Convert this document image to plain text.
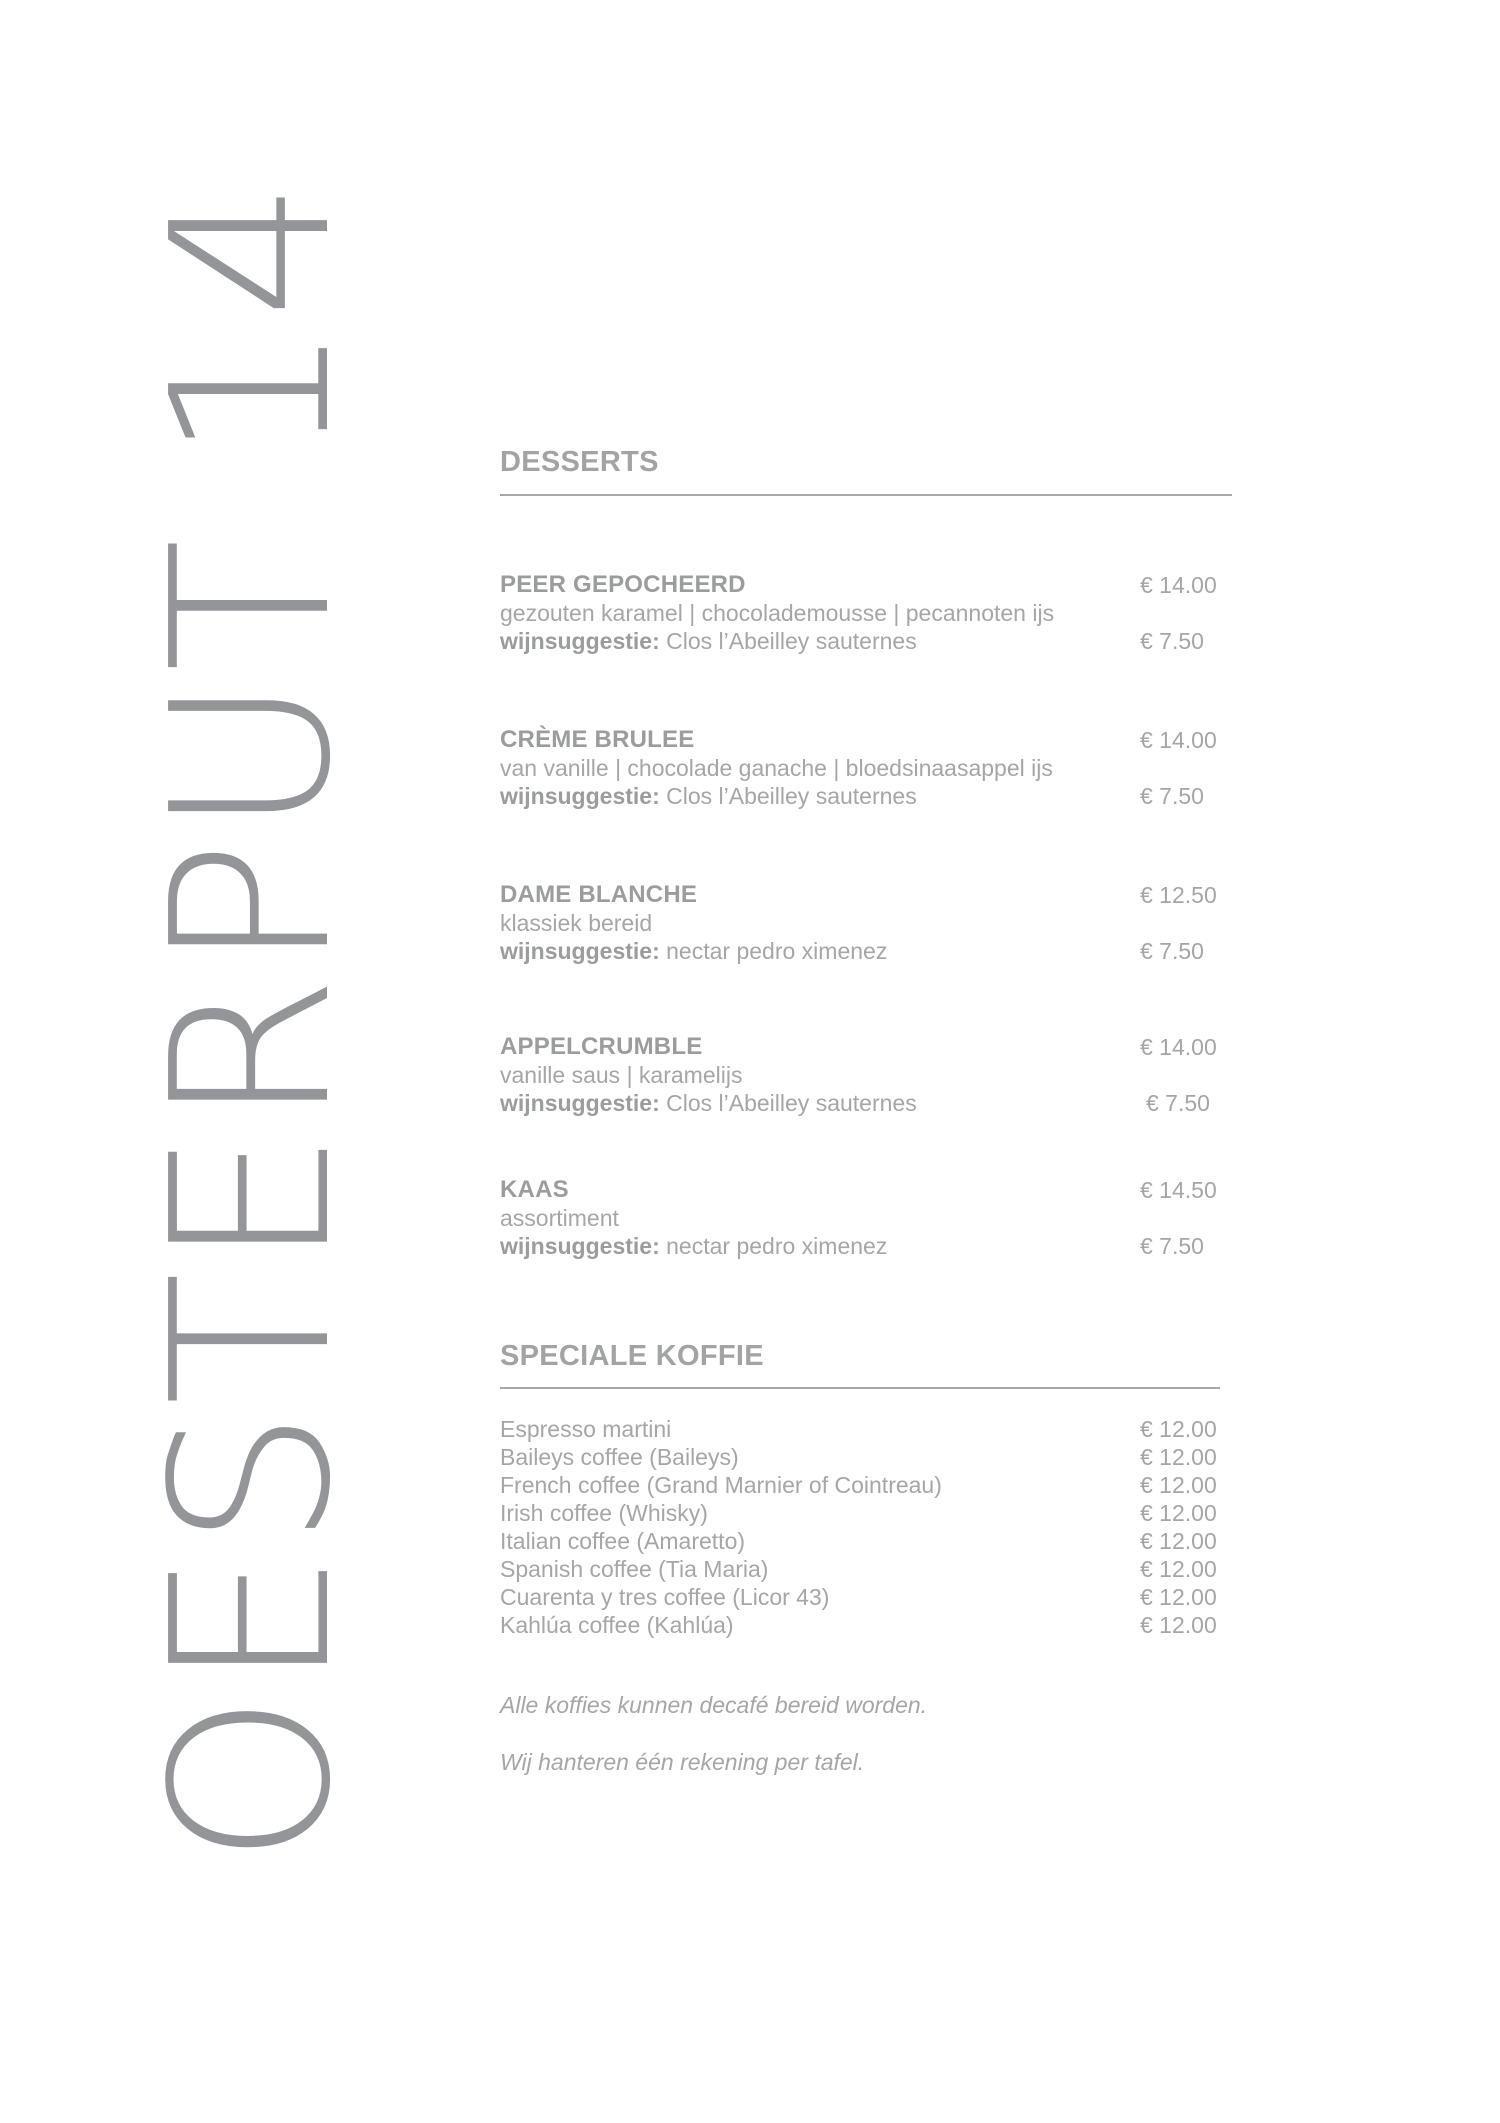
OESTERPUT 14	DESSERTS
PEER GEPOCHEERD	€ 14.00
gezouten karamel | chocolademousse | pecannoten ijs
wijnsuggestie: Clos l’Abeilley sauternes	€ 7.50
CRÈME BRULEE	€ 14.00
van vanille | chocolade ganache | bloedsinaasappel ijs
wijnsuggestie: Clos l’Abeilley sauternes	€ 7.50
DAME BLANCHE	€ 12.50
klassiek bereid
wijnsuggestie: nectar pedro ximenez	€ 7.50
APPELCRUMBLE	€ 14.00
vanille saus | karamelijs
wijnsuggestie: Clos l’Abeilley sauternes	€ 7.50
KAAS	€ 14.50
assortiment
wijnsuggestie: nectar pedro ximenez	€ 7.50
SPECIALE KOFFIE
Espresso martini	€ 12.00
Baileys coffee (Baileys)	€ 12.00
French coffee (Grand Marnier of Cointreau)	€ 12.00
Irish coffee (Whisky)	€ 12.00
Italian coffee (Amaretto)	€ 12.00
Spanish coffee (Tia Maria)	€ 12.00
Cuarenta y tres coffee (Licor 43)	€ 12.00
Kahlúa coffee (Kahlúa)	€ 12.00
Alle koffies kunnen decafé bereid worden.
Wij hanteren één rekening per tafel.
